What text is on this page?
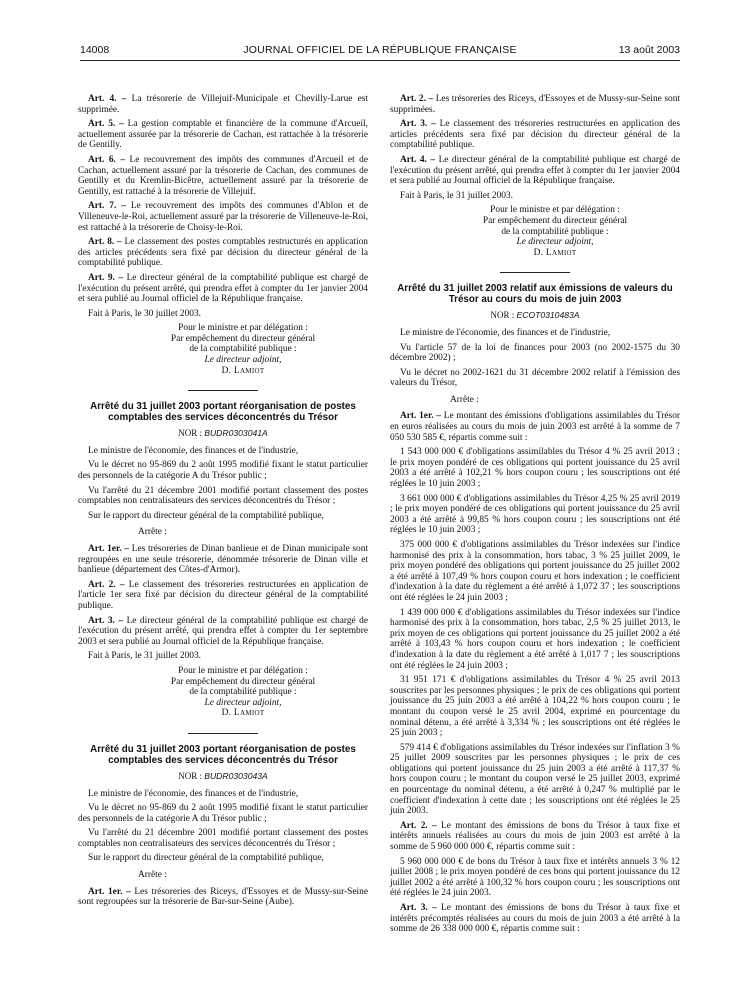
14008	JOURNAL OFFICIEL DE LA RÉPUBLIQUE FRANÇAISE	13 août 2003

Art. 4. – La trésorerie de Villejuif-Municipale et Chevilly-Larue est supprimée.

Art. 5. – La gestion comptable et financière de la commune d'Arcueil, actuellement assurée par la trésorerie de Cachan, est rattachée à la trésorerie de Gentilly.

Art. 6. – Le recouvrement des impôts des communes d'Arcueil et de Cachan, actuellement assuré par la trésorerie de Cachan, des communes de Gentilly et du Kremlin-Bicêtre, actuellement assuré par la trésorerie de Gentilly, est rattaché à la trésorerie de Villejuif.

Art. 7. – Le recouvrement des impôts des communes d'Ablon et de Villeneuve-le-Roi, actuellement assuré par la trésorerie de Villeneuve-le-Roi, est rattaché à la trésorerie de Choisy-le-Roi.

Art. 8. – Le classement des postes comptables restructurés en application des articles précédents sera fixé par décision du directeur général de la comptabilité publique.

Art. 9. – Le directeur général de la comptabilité publique est chargé de l'exécution du présent arrêté, qui prendra effet à compter du 1er janvier 2004 et sera publié au Journal officiel de la République française.

Fait à Paris, le 30 juillet 2003.

Pour le ministre et par délégation :

Par empêchement du directeur général

de la comptabilité publique :

Le directeur adjoint,

D. Lamiot

Arrêté du 31 juillet 2003 portant réorganisation de postes comptables des services déconcentrés du Trésor

NOR : BUDR0303041A

Le ministre de l'économie, des finances et de l'industrie,

Vu le décret no 95-869 du 2 août 1995 modifié fixant le statut particulier des personnels de la catégorie A du Trésor public ;

Vu l'arrêté du 21 décembre 2001 modifié portant classement des postes comptables non centralisateurs des services déconcentrés du Trésor ;

Sur le rapport du directeur général de la comptabilité publique,

Arrête :

Art. 1er. – Les trésoreries de Dinan banlieue et de Dinan municipale sont regroupées en une seule trésorerie, dénommée trésorerie de Dinan ville et banlieue (département des Côtes-d'Armor).

Art. 2. – Le classement des trésoreries restructurées en application de l'article 1er sera fixé par décision du directeur général de la comptabilité publique.

Art. 3. – Le directeur général de la comptabilité publique est chargé de l'exécution du présent arrêté, qui prendra effet à compter du 1er septembre 2003 et sera publié au Journal officiel de la République française.

Fait à Paris, le 31 juillet 2003.

Pour le ministre et par délégation :

Par empêchement du directeur général

de la comptabilité publique :

Le directeur adjoint,

D. Lamiot

Arrêté du 31 juillet 2003 portant réorganisation de postes comptables des services déconcentrés du Trésor

NOR : BUDR0303043A

Le ministre de l'économie, des finances et de l'industrie,

Vu le décret no 95-869 du 2 août 1995 modifié fixant le statut particulier des personnels de la catégorie A du Trésor public ;

Vu l'arrêté du 21 décembre 2001 modifié portant classement des postes comptables non centralisateurs des services déconcentrés du Trésor ;

Sur le rapport du directeur général de la comptabilité publique,

Arrête :

Art. 1er. – Les trésoreries des Riceys, d'Essoyes et de Mussy-sur-Seine sont regroupées sur la trésorerie de Bar-sur-Seine (Aube).

Art. 2. – Les trésoreries des Riceys, d'Essoyes et de Mussy-sur-Seine sont supprimées.

Art. 3. – Le classement des trésoreries restructurées en application des articles précédents sera fixé par décision du directeur général de la comptabilité publique.

Art. 4. – Le directeur général de la comptabilité publique est chargé de l'exécution du présent arrêté, qui prendra effet à compter du 1er janvier 2004 et sera publié au Journal officiel de la République française.

Fait à Paris, le 31 juillet 2003.

Pour le ministre et par délégation :

Par empêchement du directeur général

de la comptabilité publique :

Le directeur adjoint,

D. Lamiot

Arrêté du 31 juillet 2003 relatif aux émissions de valeurs du Trésor au cours du mois de juin 2003

NOR : ECOT0310483A

Le ministre de l'économie, des finances et de l'industrie,

Vu l'article 57 de la loi de finances pour 2003 (no 2002-1575 du 30 décembre 2002) ;

Vu le décret no 2002-1621 du 31 décembre 2002 relatif à l'émission des valeurs du Trésor,

Arrête :

Art. 1er. – Le montant des émissions d'obligations assimilables du Trésor en euros réalisées au cours du mois de juin 2003 est arrêté à la somme de 7 050 530 585 €, répartis comme suit :

1 543 000 000 € d'obligations assimilables du Trésor 4 % 25 avril 2013 ; le prix moyen pondéré de ces obligations qui portent jouissance du 25 avril 2003 a été arrêté à 102,21 % hors coupon couru ; les souscriptions ont été réglées le 10 juin 2003 ;

3 661 000 000 € d'obligations assimilables du Trésor 4,25 % 25 avril 2019 ; le prix moyen pondéré de ces obligations qui portent jouissance du 25 avril 2003 a été arrêté à 99,85 % hors coupon couru ; les souscriptions ont été réglées le 10 juin 2003 ;

375 000 000 € d'obligations assimilables du Trésor indexées sur l'indice harmonisé des prix à la consommation, hors tabac, 3 % 25 juillet 2009, le prix moyen pondéré des obligations qui portent jouissance du 25 juillet 2002 a été arrêté à 107,49 % hors coupon couru et hors indexation ; le coefficient d'indexation à la date du règlement a été arrêté à 1,072 37 ; les souscriptions ont été réglées le 24 juin 2003 ;

1 439 000 000 € d'obligations assimilables du Trésor indexées sur l'indice harmonisé des prix à la consommation, hors tabac, 2,5 % 25 juillet 2013, le prix moyen de ces obligations qui portent jouissance du 25 juillet 2002 a été arrêté à 103,43 % hors coupon couru et hors indexation ; le coefficient d'indexation à la date du règlement a été arrêté à 1,017 7 ; les souscriptions ont été réglées le 24 juin 2003 ;

31 951 171 € d'obligations assimilables du Trésor 4 % 25 avril 2013 souscrites par les personnes physiques ; le prix de ces obligations qui portent jouissance du 25 juin 2003 a été arrêté à 104,22 % hors coupon couru ; le montant du coupon versé le 25 avril 2004, exprimé en pourcentage du nominal détenu, a été arrêté à 3,334 % ; les souscriptions ont été réglées le 25 juin 2003 ;

579 414 € d'obligations assimilables du Trésor indexées sur l'inflation 3 % 25 juillet 2009 souscrites par les personnes physiques ; le prix de ces obligations qui portent jouissance du 25 juin 2003 a été arrêté à 117,37 % hors coupon couru ; le montant du coupon versé le 25 juillet 2003, exprimé en pourcentage du nominal détenu, a été arrêté à 0,247 % multiplié par le coefficient d'indexation à cette date ; les souscriptions ont été réglées le 25 juin 2003.

Art. 2. – Le montant des émissions de bons du Trésor à taux fixe et intérêts annuels réalisées au cours du mois de juin 2003 est arrêté à la somme de 5 960 000 000 €, répartis comme suit :

5 960 000 000 € de bons du Trésor à taux fixe et intérêts annuels 3 % 12 juillet 2008 ; le prix moyen pondéré de ces bons qui portent jouissance du 12 juillet 2002 a été arrêté à 100,32 % hors coupon couru ; les souscriptions ont été réglées le 24 juin 2003.

Art. 3. – Le montant des émissions de bons du Trésor à taux fixe et intérêts précomptés réalisées au cours du mois de juin 2003 a été arrêté à la somme de 26 338 000 000 €, répartis comme suit :
